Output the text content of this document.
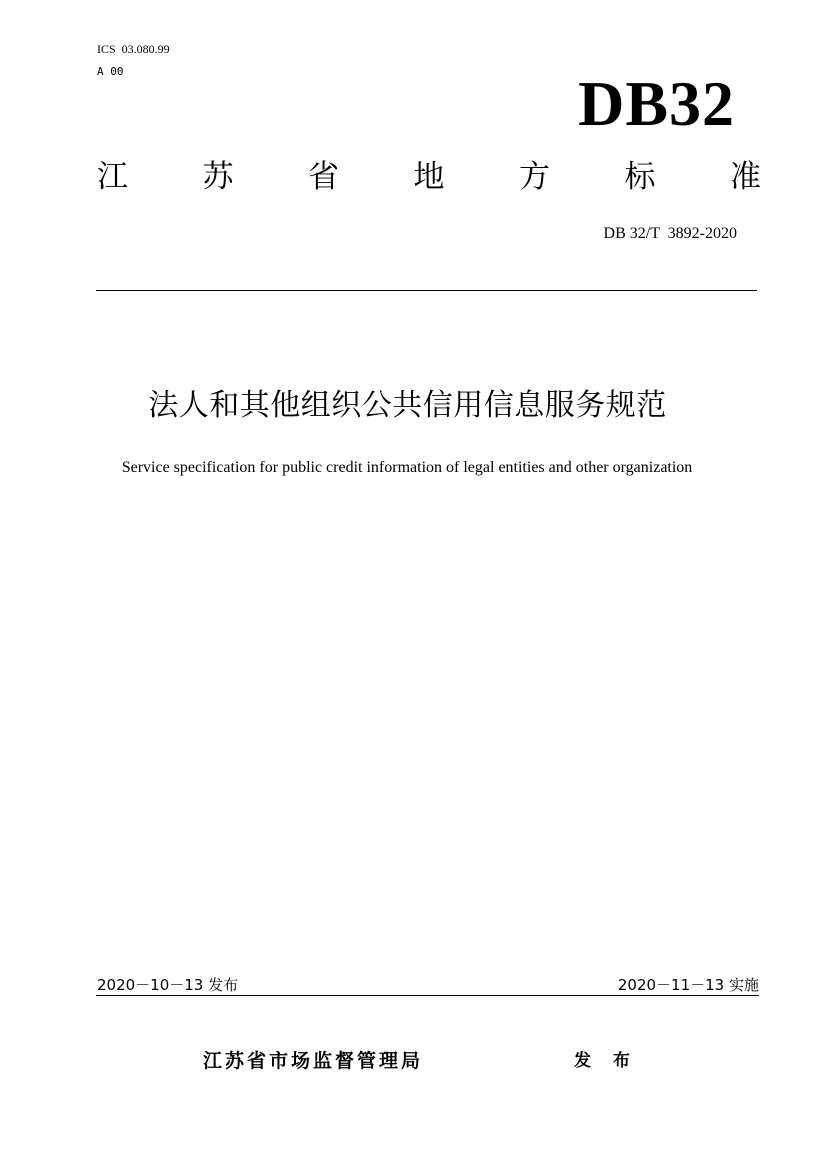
ICS  03.080.99
A 00	DB32
江 苏 省 地 方 标 准
DB 32/T  3892-2020
法人和其他组织公共信用信息服务规范
Service specification for public credit information of legal entities and other organization
2020－10－13 发布	2020－11－13 实施
江苏省市场监督管理局	发 布
